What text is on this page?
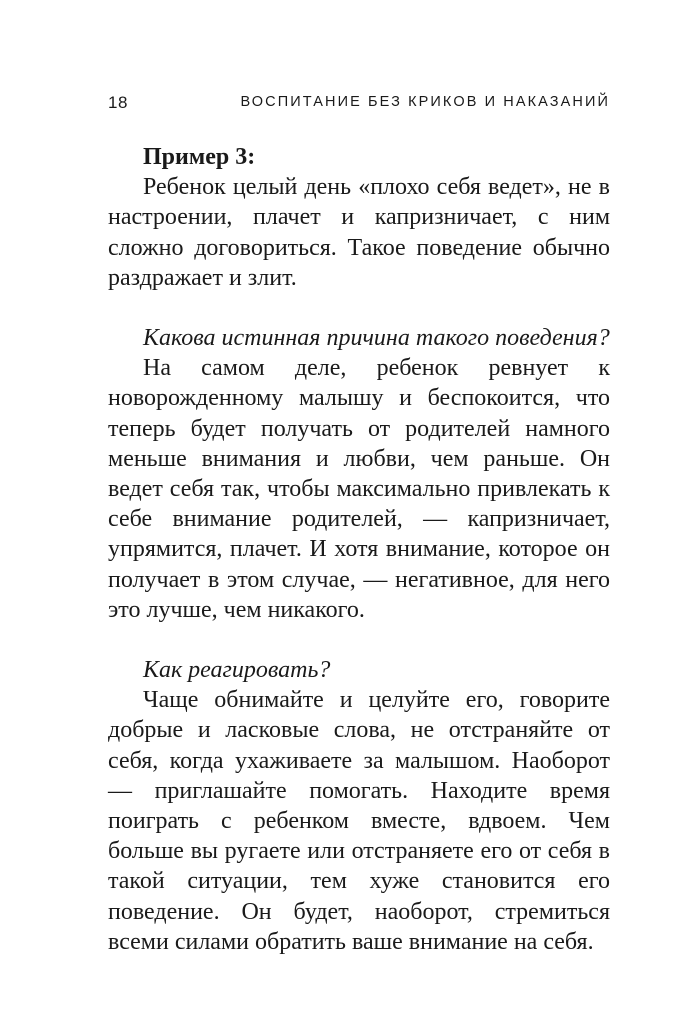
18	ВОСПИТАНИЕ БЕЗ КРИКОВ И НАКАЗАНИЙ

Пример 3:

Ребенок целый день «плохо себя ведет», не в настроении, плачет и капризничает, с ним сложно договориться. Такое поведение обычно раздражает и злит.

Какова истинная причина такого поведения?

На самом деле, ребенок ревнует к новорожденному малышу и беспокоится, что теперь будет получать от родителей намного меньше внимания и любви, чем раньше. Он ведет себя так, чтобы максимально привлекать к себе внимание родителей, — капризничает, упрямится, плачет. И хотя внимание, которое он получает в этом случае, — негативное, для него это лучше, чем никакого.

Как реагировать?

Чаще обнимайте и целуйте его, говорите добрые и ласковые слова, не отстраняйте от себя, когда ухаживаете за малышом. Наоборот — приглашайте помогать. Находите время поиграть с ребенком вместе, вдвоем. Чем больше вы ругаете или отстраняете его от себя в такой ситуации, тем хуже становится его поведение. Он будет, наоборот, стремиться всеми силами обратить ваше внимание на себя.
